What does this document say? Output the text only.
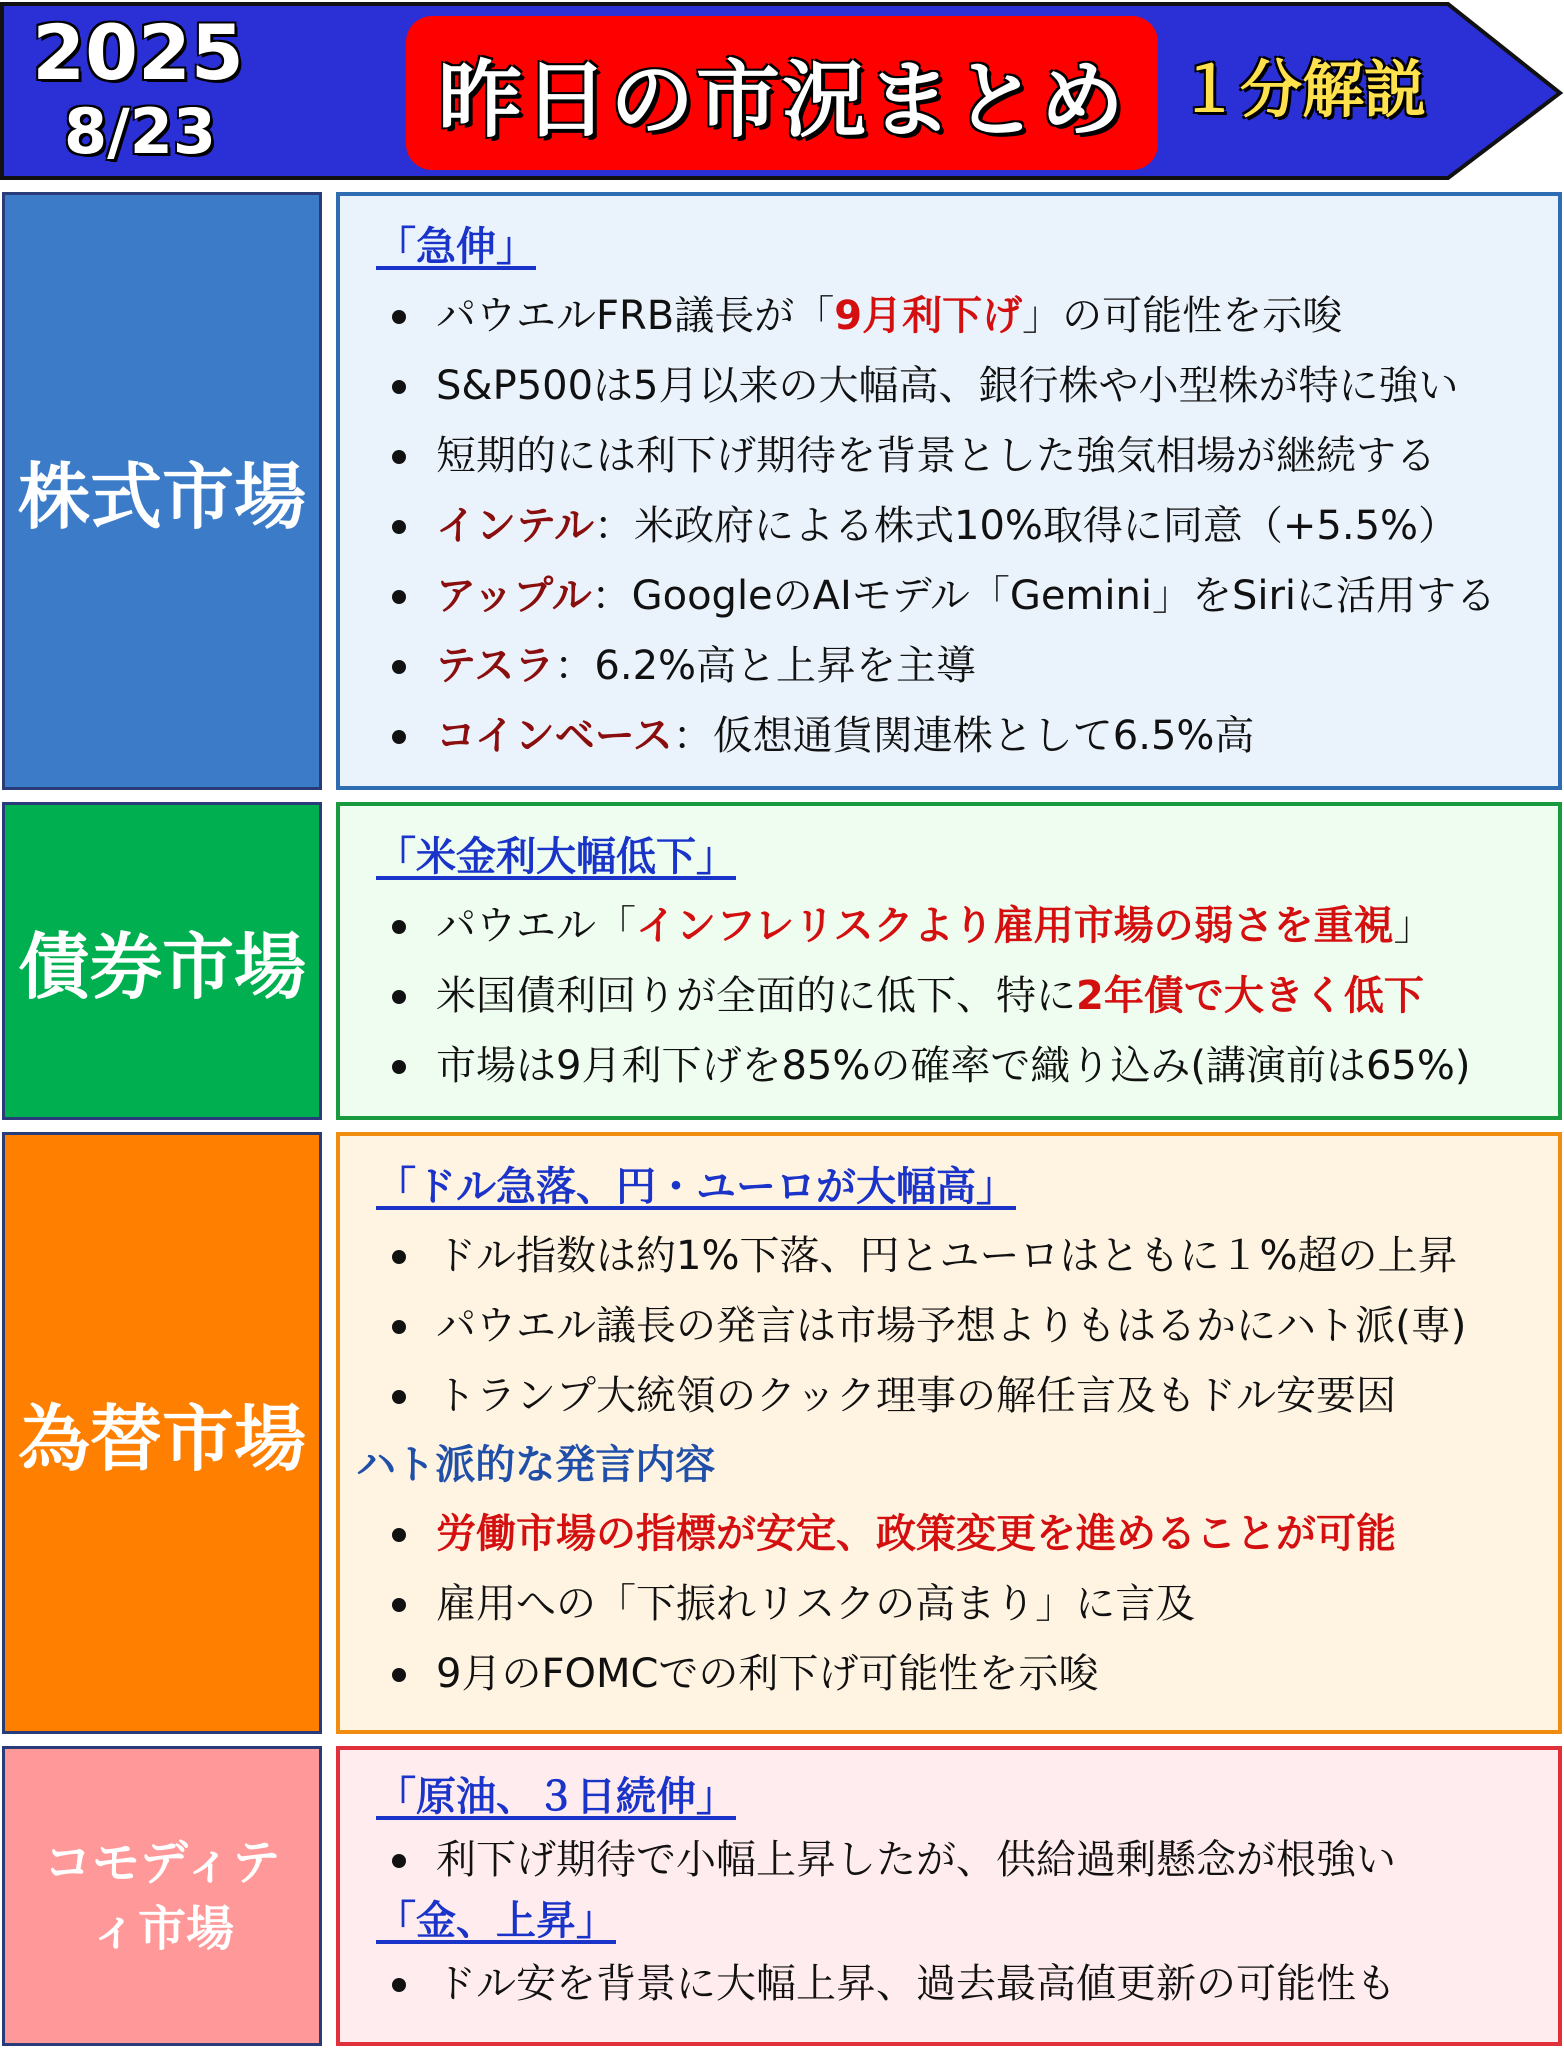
2025
8/23	昨日の市況まとめ １分解説
株式市場
「急伸」
パウエルFRB議長が「9月利下げ」の可能性を示唆
S&P500は5月以来の大幅高、銀行株や小型株が特に強い
短期的には利下げ期待を背景とした強気相場が継続する
インテル：米政府による株式10%取得に同意（+5.5%）
アップル：GoogleのAIモデル「Gemini」をSiriに活用する
テスラ：6.2%高と上昇を主導
コインベース：仮想通貨関連株として6.5%高
債券市場
「米金利大幅低下」
パウエル「インフレリスクより雇用市場の弱さを重視」
米国債利回りが全面的に低下、特に2年債で大きく低下
市場は9月利下げを85%の確率で織り込み(講演前は65%)
為替市場
「ドル急落、円・ユーロが大幅高」
ドル指数は約1%下落、円とユーロはともに１%超の上昇
パウエル議長の発言は市場予想よりもはるかにハト派(専)
トランプ大統領のクック理事の解任言及もドル安要因
ハト派的な発言内容
労働市場の指標が安定、政策変更を進めることが可能
雇用への「下振れリスクの高まり」に言及
9月のFOMCでの利下げ可能性を示唆
コモディテ
ィ市場
「原油、３日続伸」
利下げ期待で小幅上昇したが、供給過剰懸念が根強い
「金、上昇」
ドル安を背景に大幅上昇、過去最高値更新の可能性も
